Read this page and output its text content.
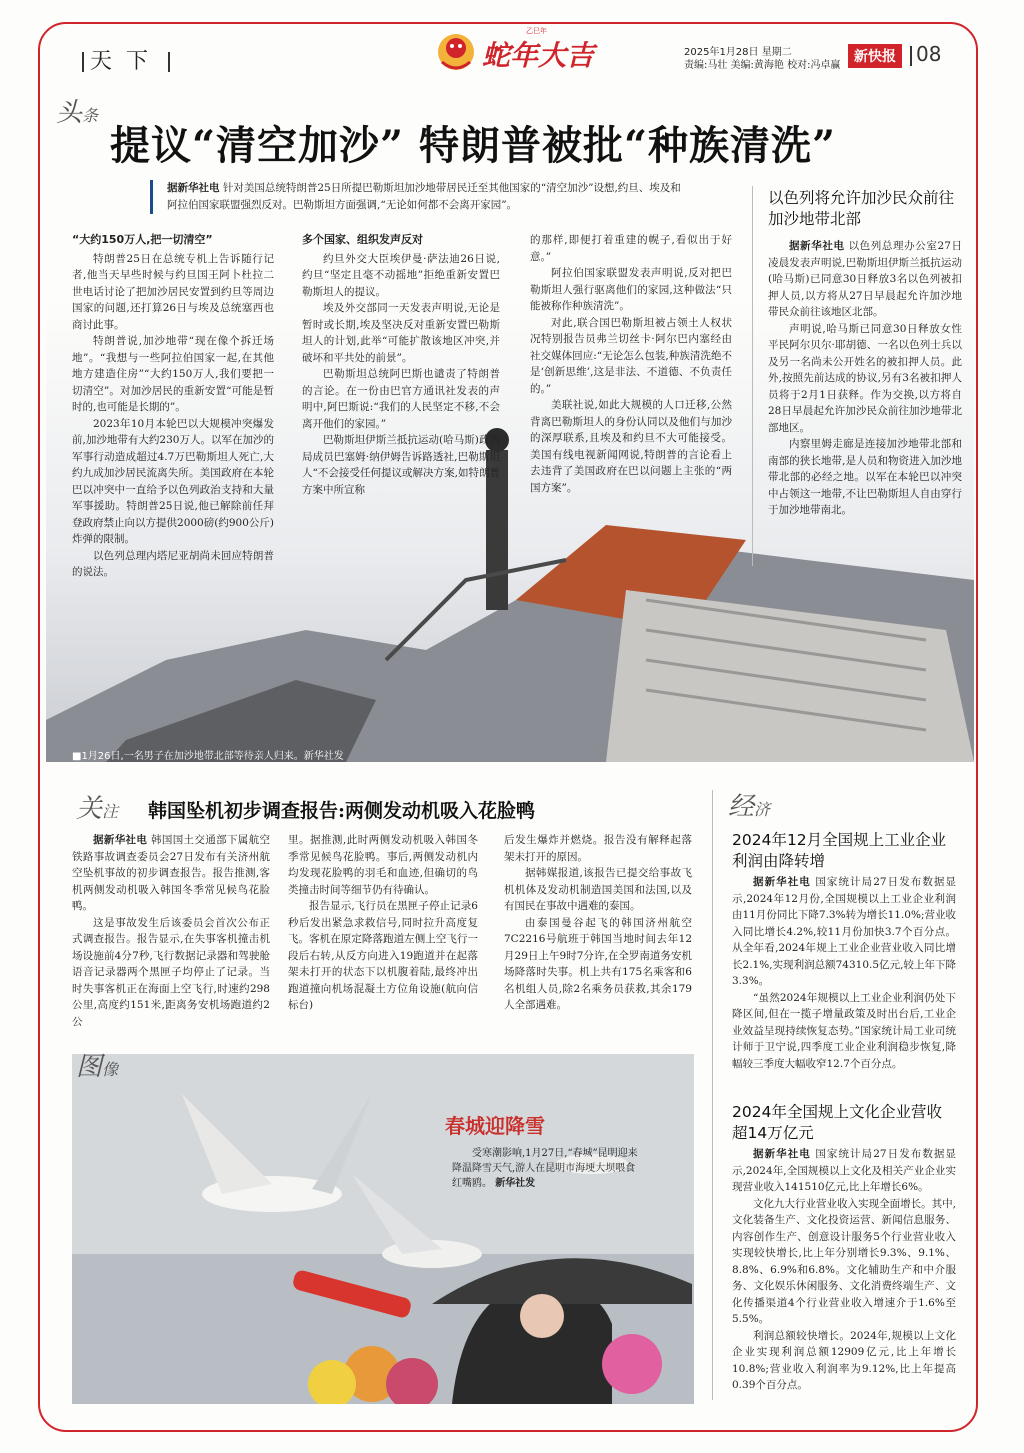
天下	蛇年大吉
乙巳年
2025年1月28日 星期二
责编:马壮 美编:黄海艳 校对:冯卓赢
新快报	08
头条
提议“清空加沙” 特朗普被批“种族清洗”
据新华社电 针对美国总统特朗普25日所提巴勒斯坦加沙地带居民迁至其他国家的“清空加沙”设想,约旦、埃及和阿拉伯国家联盟强烈反对。巴勒斯坦方面强调,“无论如何都不会离开家园”。
■1月26日,一名男子在加沙地带北部等待亲人归来。新华社发
“大约150万人,把一切清空”

特朗普25日在总统专机上告诉随行记者,他当天早些时候与约旦国王阿卜杜拉二世电话讨论了把加沙居民安置到约旦等周边国家的问题,还打算26日与埃及总统塞西也商讨此事。

特朗普说,加沙地带“现在像个拆迁场地”。“我想与一些阿拉伯国家一起,在其他地方建造住房”“大约150万人,我们要把一切清空”。对加沙居民的重新安置“可能是暂时的,也可能是长期的”。

2023年10月本轮巴以大规模冲突爆发前,加沙地带有大约230万人。以军在加沙的军事行动造成超过4.7万巴勒斯坦人死亡,大约九成加沙居民流离失所。美国政府在本轮巴以冲突中一直给予以色列政治支持和大量军事援助。特朗普25日说,他已解除前任拜登政府禁止向以方提供2000磅(约900公斤)炸弹的限制。

以色列总理内塔尼亚胡尚未回应特朗普的说法。

多个国家、组织发声反对

约旦外交大臣埃伊曼·萨法迪26日说,约旦“坚定且毫不动摇地”拒绝重新安置巴勒斯坦人的提议。

埃及外交部同一天发表声明说,无论是暂时或长期,埃及坚决反对重新安置巴勒斯坦人的计划,此举“可能扩散该地区冲突,并破坏和平共处的前景”。

巴勒斯坦总统阿巴斯也谴责了特朗普的言论。在一份由巴官方通讯社发表的声明中,阿巴斯说:“我们的人民坚定不移,不会离开他们的家园。”

巴勒斯坦伊斯兰抵抗运动(哈马斯)政治局成员巴塞姆·纳伊姆告诉路透社,巴勒斯坦人“不会接受任何提议或解决方案,如特朗普方案中所宣称

的那样,即便打着重建的幌子,看似出于好意。”

阿拉伯国家联盟发表声明说,反对把巴勒斯坦人强行驱离他们的家园,这种做法“只能被称作种族清洗”。

对此,联合国巴勒斯坦被占领土人权状况特别报告员弗兰切丝卡·阿尔巴内塞经由社交媒体回应:“无论怎么包装,种族清洗绝不是‘创新思维’,这是非法、不道德、不负责任的。”

美联社说,如此大规模的人口迁移,公然背离巴勒斯坦人的身份认同以及他们与加沙的深厚联系,且埃及和约旦不大可能接受。美国有线电视新闻网说,特朗普的言论看上去违背了美国政府在巴以问题上主张的“两国方案”。

以色列将允许加沙民众前往加沙地带北部

据新华社电 以色列总理办公室27日凌晨发表声明说,巴勒斯坦伊斯兰抵抗运动(哈马斯)已同意30日释放3名以色列被扣押人员,以方将从27日早晨起允许加沙地带民众前往该地区北部。

声明说,哈马斯已同意30日释放女性平民阿尔贝尔·耶胡德、一名以色列士兵以及另一名尚未公开姓名的被扣押人员。此外,按照先前达成的协议,另有3名被扣押人员将于2月1日获释。作为交换,以方将自28日早晨起允许加沙民众前往加沙地带北部地区。

内察里姆走廊是连接加沙地带北部和南部的狭长地带,是人员和物资进入加沙地带北部的必经之地。以军在本轮巴以冲突中占领这一地带,不让巴勒斯坦人自由穿行于加沙地带南北。

关注 韩国坠机初步调查报告:两侧发动机吸入花脸鸭

据新华社电 韩国国土交通部下属航空铁路事故调查委员会27日发布有关济州航空坠机事故的初步调查报告。报告推测,客机两侧发动机吸入韩国冬季常见候鸟花脸鸭。

这是事故发生后该委员会首次公布正式调查报告。报告显示,在失事客机撞击机场设施前4分7秒,飞行数据记录器和驾驶舱语音记录器两个黑匣子均停止了记录。当时失事客机正在海面上空飞行,时速约298公里,高度约151米,距离务安机场跑道约2公

里。据推测,此时两侧发动机吸入韩国冬季常见候鸟花脸鸭。事后,两侧发动机内均发现花脸鸭的羽毛和血迹,但确切的鸟类撞击时间等细节仍有待确认。

报告显示,飞行员在黑匣子停止记录6秒后发出紧急求救信号,同时拉升高度复飞。客机在原定降落跑道左侧上空飞行一段后右转,从反方向进入19跑道并在起落架未打开的状态下以机腹着陆,最终冲出跑道撞向机场混凝土方位角设施(航向信标台)

后发生爆炸并燃烧。报告没有解释起落架未打开的原因。

据韩媒报道,该报告已提交给事故飞机机体及发动机制造国美国和法国,以及有国民在事故中遇难的泰国。

由泰国曼谷起飞的韩国济州航空7C2216号航班于韩国当地时间去年12月29日上午9时7分许,在全罗南道务安机场降落时失事。机上共有175名乘客和6名机组人员,除2名乘务员获救,其余179人全部遇难。

图像
春城迎降雪
受寒潮影响,1月27日,“春城”昆明迎来降温降雪天气,游人在昆明市海埂大坝喂食红嘴鸥。 新华社发
经济
2024年12月全国规上工业企业利润由降转增

据新华社电 国家统计局27日发布数据显示,2024年12月份,全国规模以上工业企业利润由11月份同比下降7.3%转为增长11.0%;营业收入同比增长4.2%,较11月份加快3.7个百分点。从全年看,2024年规上工业企业营业收入同比增长2.1%,实现利润总额74310.5亿元,较上年下降3.3%。

“虽然2024年规模以上工业企业利润仍处下降区间,但在一揽子增量政策及时出台后,工业企业效益呈现持续恢复态势。”国家统计局工业司统计师于卫宁说,四季度工业企业利润稳步恢复,降幅较三季度大幅收窄12.7个百分点。

2024年全国规上文化企业营收超14万亿元

据新华社电 国家统计局27日发布数据显示,2024年,全国规模以上文化及相关产业企业实现营业收入141510亿元,比上年增长6%。

文化九大行业营业收入实现全面增长。其中,文化装备生产、文化投资运营、新闻信息服务、内容创作生产、创意设计服务5个行业营业收入实现较快增长,比上年分别增长9.3%、9.1%、8.8%、6.9%和6.8%。文化辅助生产和中介服务、文化娱乐休闲服务、文化消费终端生产、文化传播渠道4个行业营业收入增速介于1.6%至5.5%。

利润总额较快增长。2024年,规模以上文化企业实现利润总额12909亿元,比上年增长10.8%;营业收入利润率为9.12%,比上年提高0.39个百分点。
